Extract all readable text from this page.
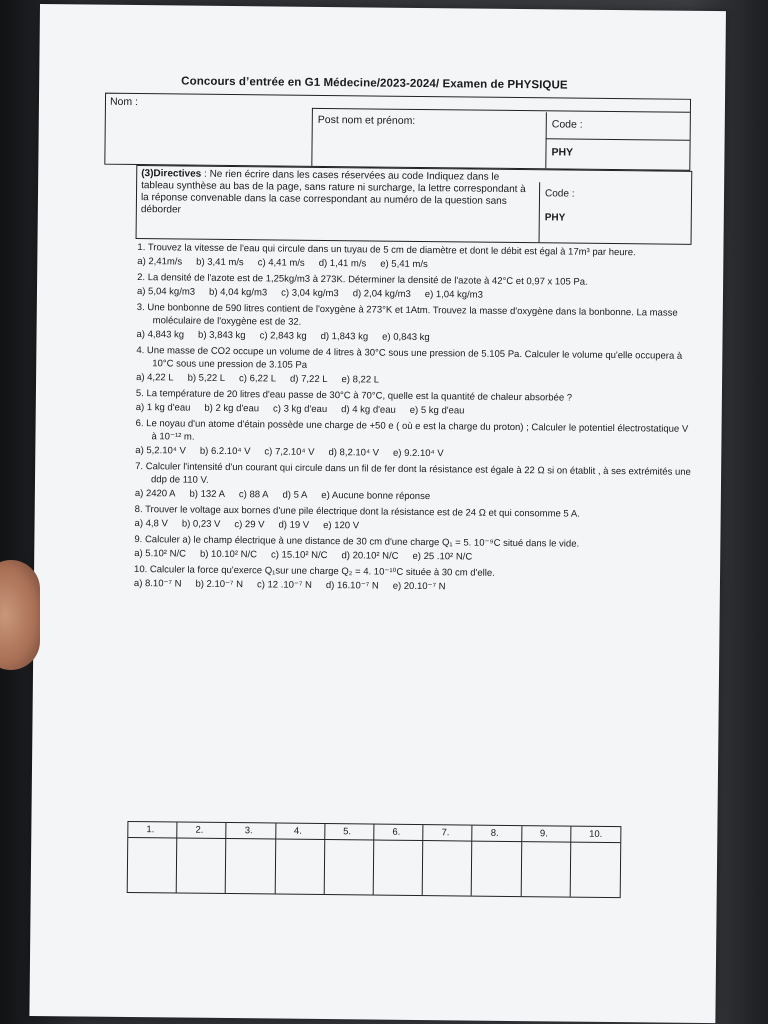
Concours d’entrée en G1 Médecine/2023-2024/ Examen de PHYSIQUE
Nom :
Post nom et prénom:	Code :
PHY
(3)Directives : Ne rien écrire dans les cases réservées au code Indiquez dans le tableau synthèse au bas de la page, sans rature ni surcharge, la lettre correspondant à la réponse convenable dans la case correspondant au numéro de la question sans déborder
Code :
PHY
1. Trouvez la vitesse de l'eau qui circule dans un tuyau de 5 cm de diamètre et dont le débit est égal à 17m³ par heure.
a) 2,41m/s b) 3,41 m/s c) 4,41 m/s d) 1,41 m/s e) 5,41 m/s
2. La densité de l'azote est de 1,25kg/m3 à 273K. Déterminer la densité de l'azote à 42°C et 0,97 x 105 Pa.
a) 5,04 kg/m3 b) 4,04 kg/m3 c) 3,04 kg/m3 d) 2,04 kg/m3 e) 1,04 kg/m3
3. Une bonbonne de 590 litres contient de l'oxygène à 273°K et 1Atm. Trouvez la masse d'oxygène dans la bonbonne. La masse moléculaire de l'oxygène est de 32.
a) 4,843 kg b) 3,843 kg c) 2,843 kg d) 1,843 kg e) 0,843 kg
4. Une masse de CO2 occupe un volume de 4 litres à 30°C sous une pression de 5.105 Pa. Calculer le volume qu'elle occupera à 10°C sous une pression de 3.105 Pa
a) 4,22 L b) 5,22 L c) 6,22 L d) 7,22 L e) 8,22 L
5. La température de 20 litres d'eau passe de 30°C à 70°C, quelle est la quantité de chaleur absorbée ?
a) 1 kg d'eau b) 2 kg d'eau c) 3 kg d'eau d) 4 kg d'eau e) 5 kg d'eau
6. Le noyau d'un atome d'étain possède une charge de +50 e ( où e est la charge du proton) ; Calculer le potentiel électrostatique V à 10⁻¹² m.
a) 5,2.10⁴ V b) 6.2.10⁴ V c) 7,2.10⁴ V d) 8,2.10⁴ V e) 9.2.10⁴ V
7. Calculer l'intensité d'un courant qui circule dans un fil de fer dont la résistance est égale à 22 Ω si on établit , à ses extrémités une ddp de 110 V.
a) 2420 A b) 132 A c) 88 A d) 5 A e) Aucune bonne réponse
8. Trouver le voltage aux bornes d'une pile électrique dont la résistance est de 24 Ω et qui consomme 5 A.
a) 4,8 V b) 0,23 V c) 29 V d) 19 V e) 120 V
9. Calculer a) le champ électrique à une distance de 30 cm d'une charge Q₁ = 5. 10⁻⁹C situé dans le vide.
a) 5.10² N/C b) 10.10² N/C c) 15.10² N/C d) 20.10² N/C e) 25 .10² N/C
10. Calculer la force qu'exerce Q₁sur une charge Q₂ = 4. 10⁻¹⁰C située à 30 cm d'elle.
a) 8.10⁻⁷ N b) 2.10⁻⁷ N c) 12 .10⁻⁷ N d) 16.10⁻⁷ N e) 20.10⁻⁷ N
1.	2.	3.	4.	5.	6.	7.	8.	9.	10.
